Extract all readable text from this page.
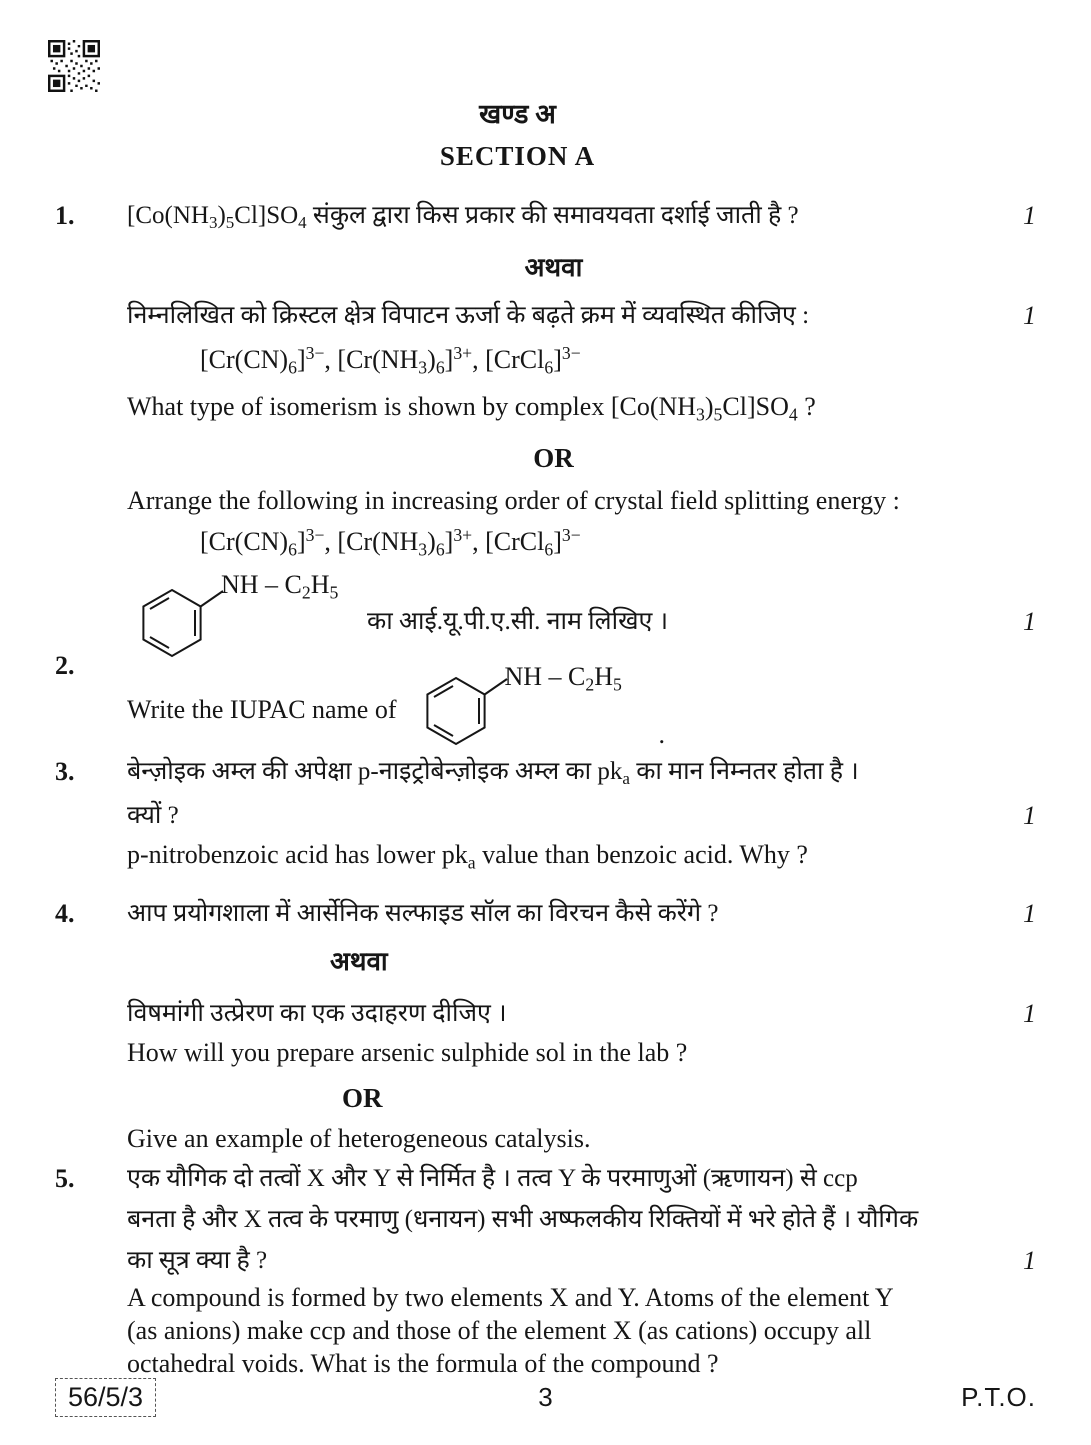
खण्ड अ
SECTION A
1.	$[Co(NH_3)_5Cl]SO_4$ संकुल द्वारा किस प्रकार की समावयवता दर्शाई जाती है ?	1
अथवा
निम्नलिखित को क्रिस्टल क्षेत्र विपाटन ऊर्जा के बढ़ते क्रम में व्यवस्थित कीजिए :	1
$[Cr(CN)_6]^{3-}$, $[Cr(NH_3)_6]^{3+}$, [CrCl$_6$]$^{3-}$
What type of isomerism is shown by complex $[Co(NH_3)_5Cl]SO_4$ ?
OR
Arrange the following in increasing order of crystal field splitting energy :
$[Cr(CN)_6]^{3-}$, $[Cr(NH_3)_6]^{3+}$, [CrCl$_6$]$^{3-}$
2.
NH – $C_2H_5$
का आई.यू.पी.ए.सी. नाम लिखिए ।	1
Write the IUPAC name of
NH – $C_2H_5$
.
3.	बेन्ज़ोइक अम्ल की अपेक्षा p-नाइट्रोबेन्ज़ोइक अम्ल का $pk_a$ का मान निम्नतर होता है ।
क्यों ?	1
p-nitrobenzoic acid has lower $pk_a$ value than benzoic acid. Why ?
4.	आप प्रयोगशाला में आर्सेनिक सल्फाइड सॉल का विरचन कैसे करेंगे ?	1
अथवा
विषमांगी उत्प्रेरण का एक उदाहरण दीजिए ।	1
How will you prepare arsenic sulphide sol in the lab ?
OR
Give an example of heterogeneous catalysis.
5.	एक यौगिक दो तत्वों X और Y से निर्मित है । तत्व Y के परमाणुओं (ऋणायन) से ccp
बनता है और X तत्व के परमाणु (धनायन) सभी अष्फलकीय रिक्तियों में भरे होते हैं । यौगिक
का सूत्र क्या है ?	1
A compound is formed by two elements X and Y. Atoms of the element Y
(as anions) make ccp and those of the element X (as cations) occupy all
octahedral voids. What is the formula of the compound ?
56/5/3	3	P.T.O.
